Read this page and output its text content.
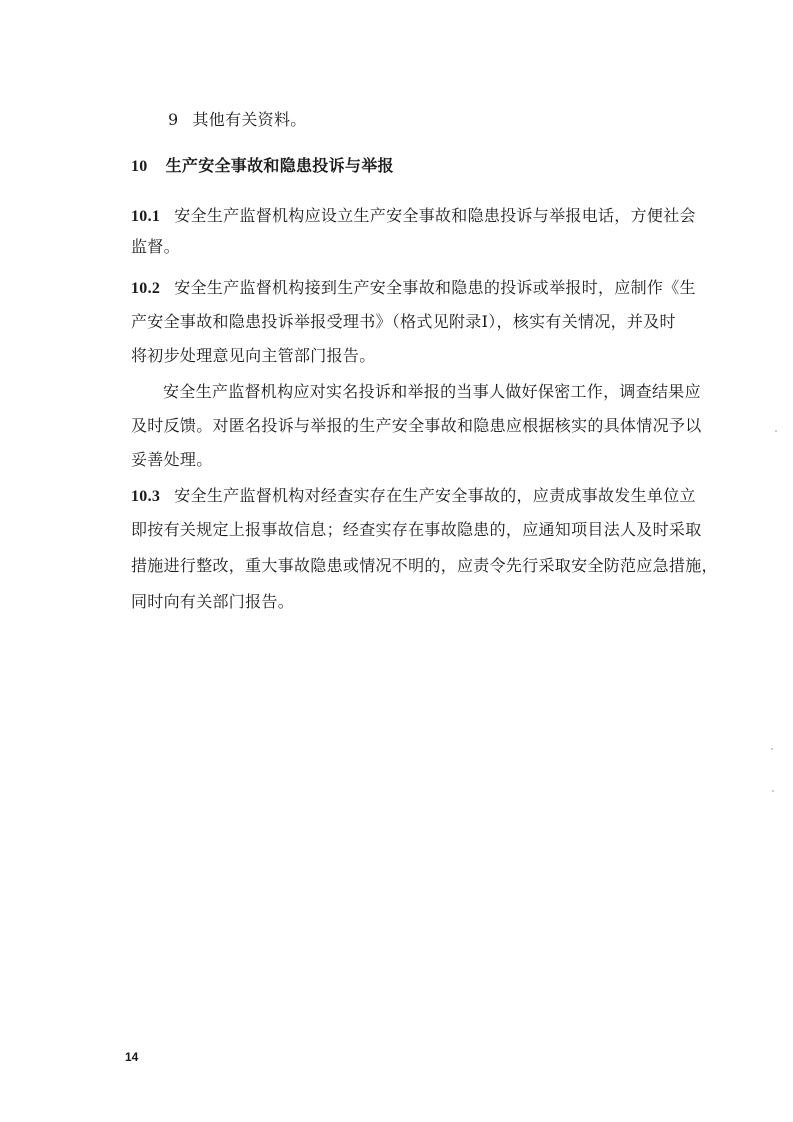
9 其他有关资料。
10 生产安全事故和隐患投诉与举报
10.1 安全生产监督机构应设立生产安全事故和隐患投诉与举报电话，方便社会
监督。
10.2 安全生产监督机构接到生产安全事故和隐患的投诉或举报时，应制作《生
产安全事故和隐患投诉举报受理书》（格式见附录I），核实有关情况，并及时
将初步处理意见向主管部门报告。
安全生产监督机构应对实名投诉和举报的当事人做好保密工作，调查结果应
及时反馈。对匿名投诉与举报的生产安全事故和隐患应根据核实的具体情况予以
妥善处理。
10.3 安全生产监督机构对经查实存在生产安全事故的，应责成事故发生单位立
即按有关规定上报事故信息；经查实存在事故隐患的，应通知项目法人及时采取
措施进行整改，重大事故隐患或情况不明的，应责令先行采取安全防范应急措施，
同时向有关部门报告。
14
